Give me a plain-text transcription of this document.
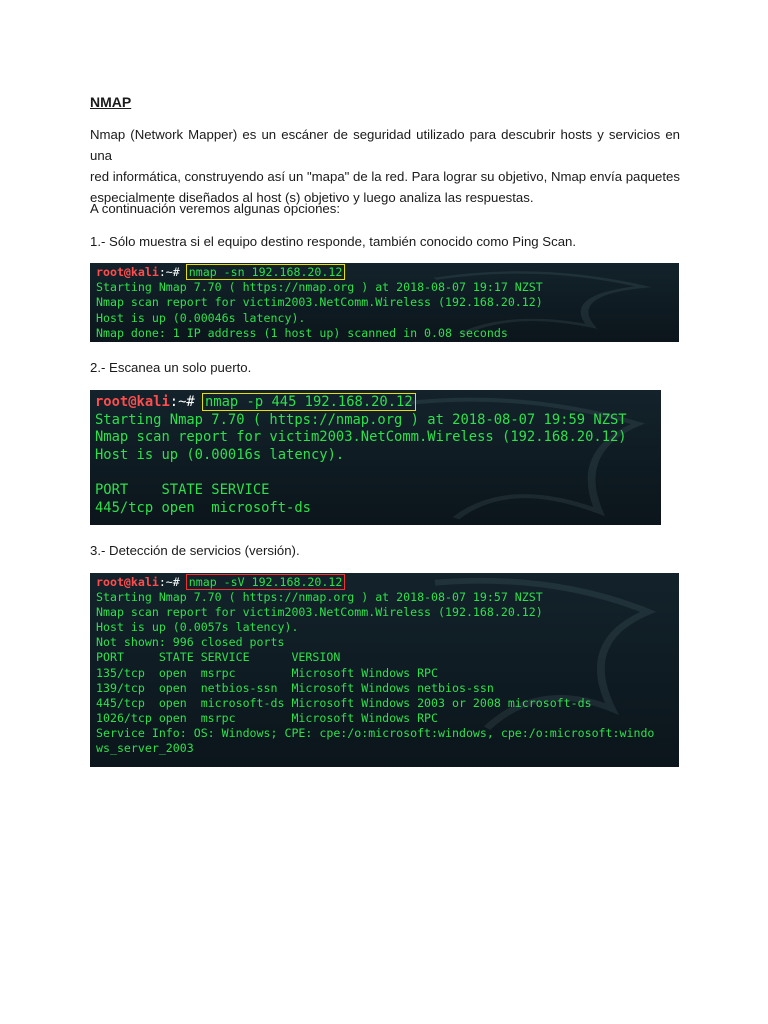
NMAP
Nmap (Network Mapper) es un escáner de seguridad utilizado para descubrir hosts y servicios en una
red informática, construyendo así un "mapa" de la red. Para lograr su objetivo, Nmap envía paquetes
especialmente diseñados al host (s) objetivo y luego analiza las respuestas.

A continuación veremos algunas opciones:

1.- Sólo muestra si el equipo destino responde, también conocido como Ping Scan.

root@kali:~# nmap -sn 192.168.20.12
Starting Nmap 7.70 ( https://nmap.org ) at 2018-08-07 19:17 NZST
Nmap scan report for victim2003.NetComm.Wireless (192.168.20.12)
Host is up (0.00046s latency).
Nmap done: 1 IP address (1 host up) scanned in 0.08 seconds

2.- Escanea un solo puerto.

root@kali:~# nmap -p 445 192.168.20.12
Starting Nmap 7.70 ( https://nmap.org ) at 2018-08-07 19:59 NZST
Nmap scan report for victim2003.NetComm.Wireless (192.168.20.12)
Host is up (0.00016s latency).

PORT    STATE SERVICE
445/tcp open  microsoft-ds

3.- Detección de servicios (versión).

root@kali:~# nmap -sV 192.168.20.12
Starting Nmap 7.70 ( https://nmap.org ) at 2018-08-07 19:57 NZST
Nmap scan report for victim2003.NetComm.Wireless (192.168.20.12)
Host is up (0.0057s latency).
Not shown: 996 closed ports
PORT     STATE SERVICE      VERSION
135/tcp  open  msrpc        Microsoft Windows RPC
139/tcp  open  netbios-ssn  Microsoft Windows netbios-ssn
445/tcp  open  microsoft-ds Microsoft Windows 2003 or 2008 microsoft-ds
1026/tcp open  msrpc        Microsoft Windows RPC
Service Info: OS: Windows; CPE: cpe:/o:microsoft:windows, cpe:/o:microsoft:windo
ws_server_2003
